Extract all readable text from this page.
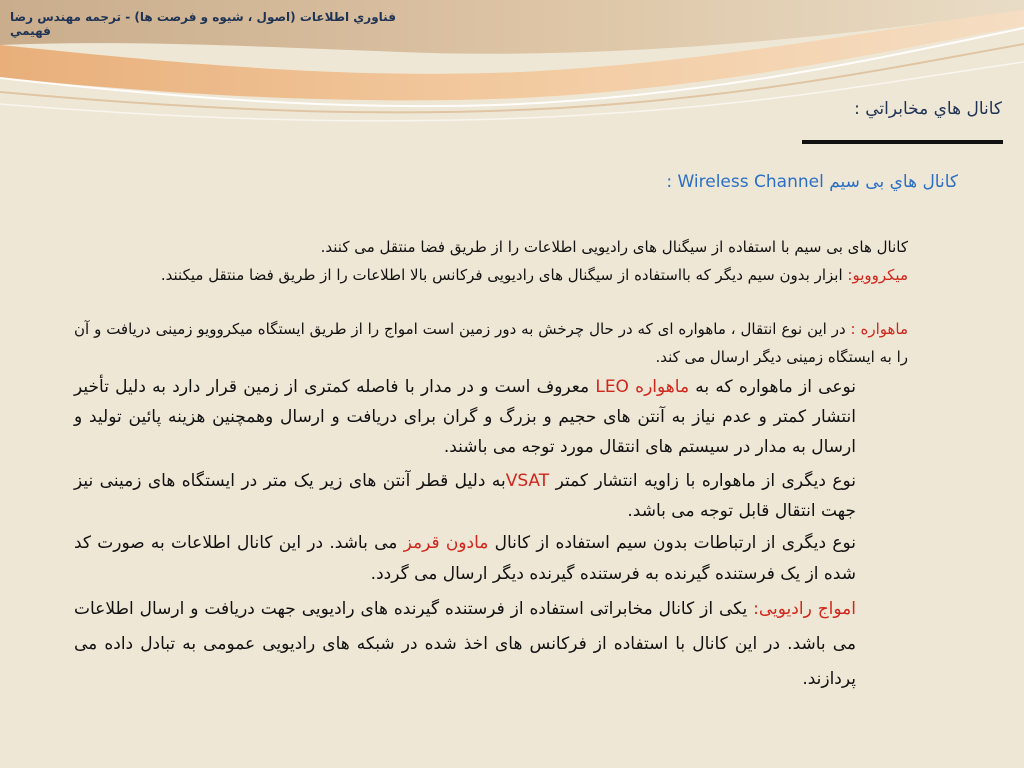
فناوري اطلاعات (اصول ، شيوه و فرصت ها) - ترجمه مهندس رضا فهيمي
كانال هاي مخابراتي :
كانال هاي بی سیم Wireless Channel :
کانال های بی سیم با استفاده از سیگنال های رادیویی اطلاعات را از طریق فضا منتقل می کنند.
میکروویو: ابزار بدون سیم دیگر که بااستفاده از سیگنال های رادیویی فرکانس بالا اطلاعات را از طریق فضا منتقل میکنند.
ماهواره : در این نوع انتقال ، ماهواره ای که در حال چرخش به دور زمین است امواج را از طریق ایستگاه میکروویو زمینی دریافت و آن را به ایستگاه زمینی دیگر ارسال می کند.
نوعی از ماهواره که به ماهواره LEO معروف است و در مدار با فاصله کمتری از زمین قرار دارد به دلیل تأخیر انتشار کمتر و عدم نیاز به آنتن های حجیم و بزرگ و گران برای دریافت و ارسال وهمچنین هزینه پائین تولید و ارسال به مدار در سیستم های انتقال مورد توجه می باشند.
نوع دیگری از ماهواره با زاویه انتشار کمتر VSATبه دلیل قطر آنتن های زیر یک متر در ایستگاه های زمینی نیز جهت انتقال قابل توجه می باشد.
نوع دیگری از ارتباطات بدون سیم استفاده از کانال مادون قرمز می باشد. در این کانال اطلاعات به صورت کد شده از یک فرستنده گیرنده به فرستنده گیرنده دیگر ارسال می گردد.
امواج رادیویی: یکی از کانال مخابراتی استفاده از فرستنده گیرنده های رادیویی جهت دریافت و ارسال اطلاعات می باشد. در این کانال با استفاده از فرکانس های اخذ شده در شبکه های رادیویی عمومی به تبادل داده می پردازند.
